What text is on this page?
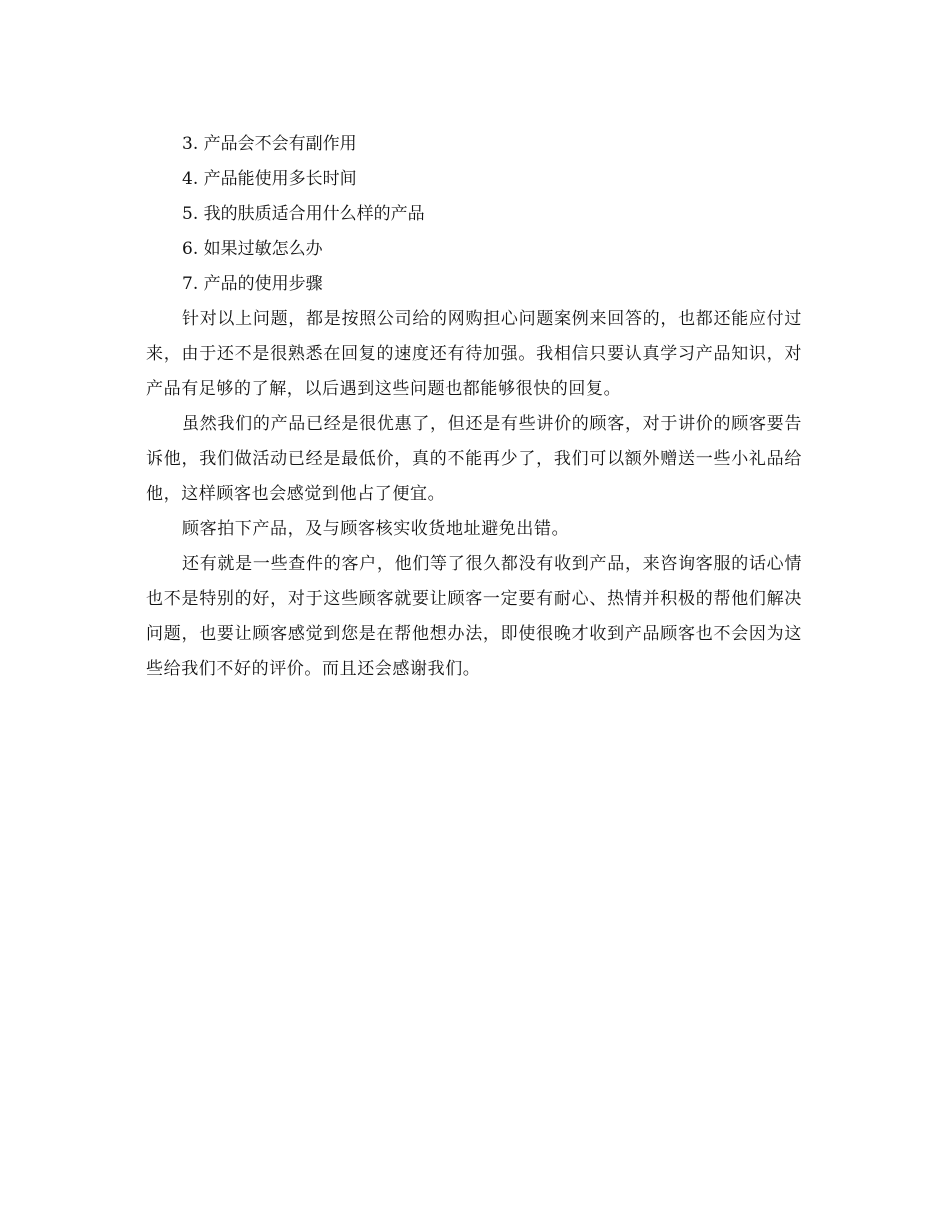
3. 产品会不会有副作用
4. 产品能使用多长时间
5. 我的肤质适合用什么样的产品
6. 如果过敏怎么办
7. 产品的使用步骤

针对以上问题，都是按照公司给的网购担心问题案例来回答的，也都还能应付过来，由于还不是很熟悉在回复的速度还有待加强。我相信只要认真学习产品知识，对产品有足够的了解，以后遇到这些问题也都能够很快的回复。

虽然我们的产品已经是很优惠了，但还是有些讲价的顾客，对于讲价的顾客要告诉他，我们做活动已经是最低价，真的不能再少了，我们可以额外赠送一些小礼品给他，这样顾客也会感觉到他占了便宜。

顾客拍下产品，及与顾客核实收货地址避免出错。

还有就是一些查件的客户，他们等了很久都没有收到产品，来咨询客服的话心情也不是特别的好，对于这些顾客就要让顾客一定要有耐心、热情并积极的帮他们解决问题，也要让顾客感觉到您是在帮他想办法，即使很晚才收到产品顾客也不会因为这些给我们不好的评价。而且还会感谢我们。
